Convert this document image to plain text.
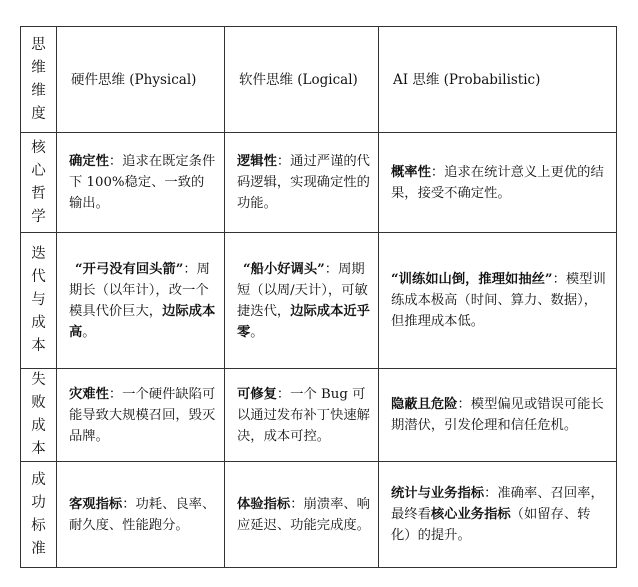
思
维
维
度	硬件思维 (Physical)	软件思维 (Logical)	AI 思维 (Probabilistic)

核
心
哲
学	确定性：追求在既定条件下 100%稳定、一致的输出。	逻辑性：通过严谨的代码逻辑，实现确定性的功能。	概率性：追求在统计意义上更优的结果，接受不确定性。

迭
代
与
成
本	“开弓没有回头箭”：周期长（以年计），改一个模具代价巨大，边际成本高。	“船小好调头”：周期短（以周/天计），可敏捷迭代，边际成本近乎零。	“训练如山倒，推理如抽丝”：模型训练成本极高（时间、算力、数据），但推理成本低。

失
败
成
本	灾难性：一个硬件缺陷可能导致大规模召回，毁灭品牌。	可修复：一个 Bug 可以通过发布补丁快速解决，成本可控。	隐蔽且危险：模型偏见或错误可能长期潜伏，引发伦理和信任危机。

成
功
标
准	客观指标：功耗、良率、耐久度、性能跑分。	体验指标：崩溃率、响应延迟、功能完成度。	统计与业务指标：准确率、召回率，最终看核心业务指标（如留存、转化）的提升。
